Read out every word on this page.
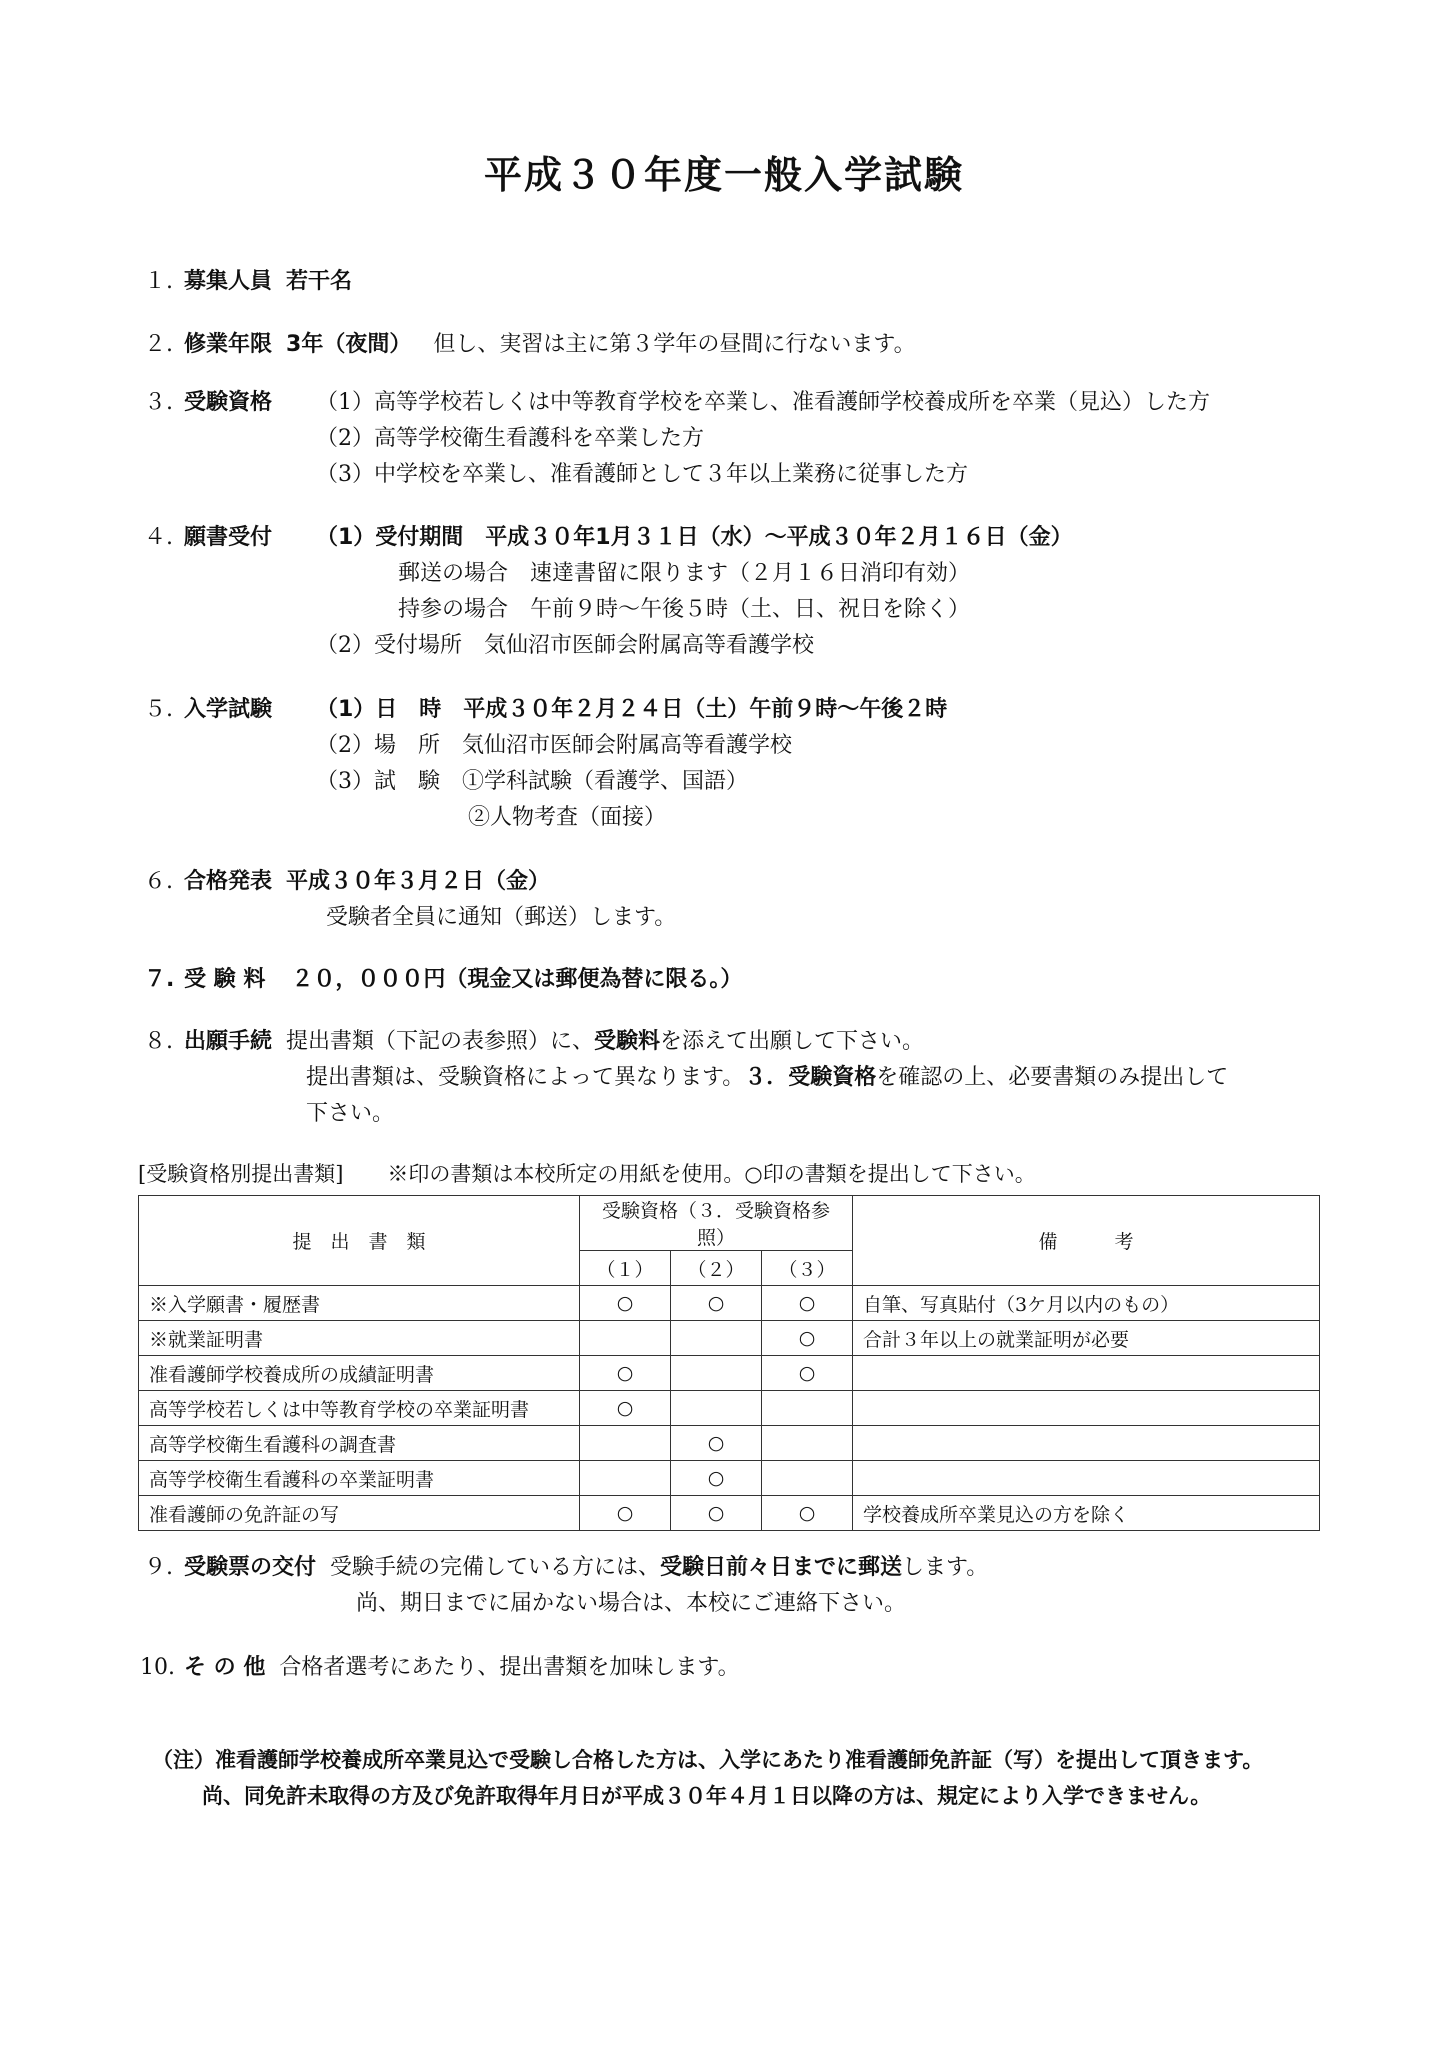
平成３０年度一般入学試験
１. 募集人員 若干名
２. 修業年限 3年（夜間） 但し、実習は主に第３学年の昼間に行ないます。
３. 受験資格	（1）高等学校若しくは中等教育学校を卒業し、准看護師学校養成所を卒業（見込）した方
（2）高等学校衛生看護科を卒業した方
（3）中学校を卒業し、准看護師として３年以上業務に従事した方
４. 願書受付	（1）受付期間　平成３０年1月３１日（水）～平成３０年２月１６日（金）
郵送の場合　速達書留に限ります（２月１６日消印有効）
持参の場合　午前９時～午後５時（土、日、祝日を除く）
（2）受付場所　気仙沼市医師会附属高等看護学校
５. 入学試験	（1）日　時　平成３０年２月２４日（土）午前９時～午後２時
（2）場　所　気仙沼市医師会附属高等看護学校
（3）試　験　①学科試験（看護学、国語）
②人物考査（面接）
６. 合格発表 平成３０年３月２日（金）
受験者全員に通知（郵送）します。
７. 受 験 料 ２０，０００円（現金又は郵便為替に限る。）
８. 出願手続 提出書類（下記の表参照）に、受験料を添えて出願して下さい。
提出書類は、受験資格によって異なります。３．受験資格を確認の上、必要書類のみ提出して
下さい。
[受験資格別提出書類] ※印の書類は本校所定の用紙を使用。○印の書類を提出して下さい。
提　出　書　類	受験資格（３．受験資格参照）			備　　　考
	（１）	（２）	（３）	
※入学願書・履歴書	○	○	○	自筆、写真貼付（3ケ月以内のもの）
※就業証明書			○	合計３年以上の就業証明が必要
准看護師学校養成所の成績証明書	○		○	
高等学校若しくは中等教育学校の卒業証明書	○			
高等学校衛生看護科の調査書		○		
高等学校衛生看護科の卒業証明書		○		
准看護師の免許証の写	○	○	○	学校養成所卒業見込の方を除く
９. 受験票の交付 受験手続の完備している方には、受験日前々日までに郵送します。
尚、期日までに届かない場合は、本校にご連絡下さい。
10. そ の 他 合格者選考にあたり、提出書類を加味します。
（注）准看護師学校養成所卒業見込で受験し合格した方は、入学にあたり准看護師免許証（写）を提出して頂きます。
尚、同免許未取得の方及び免許取得年月日が平成３０年４月１日以降の方は、規定により入学できません。
